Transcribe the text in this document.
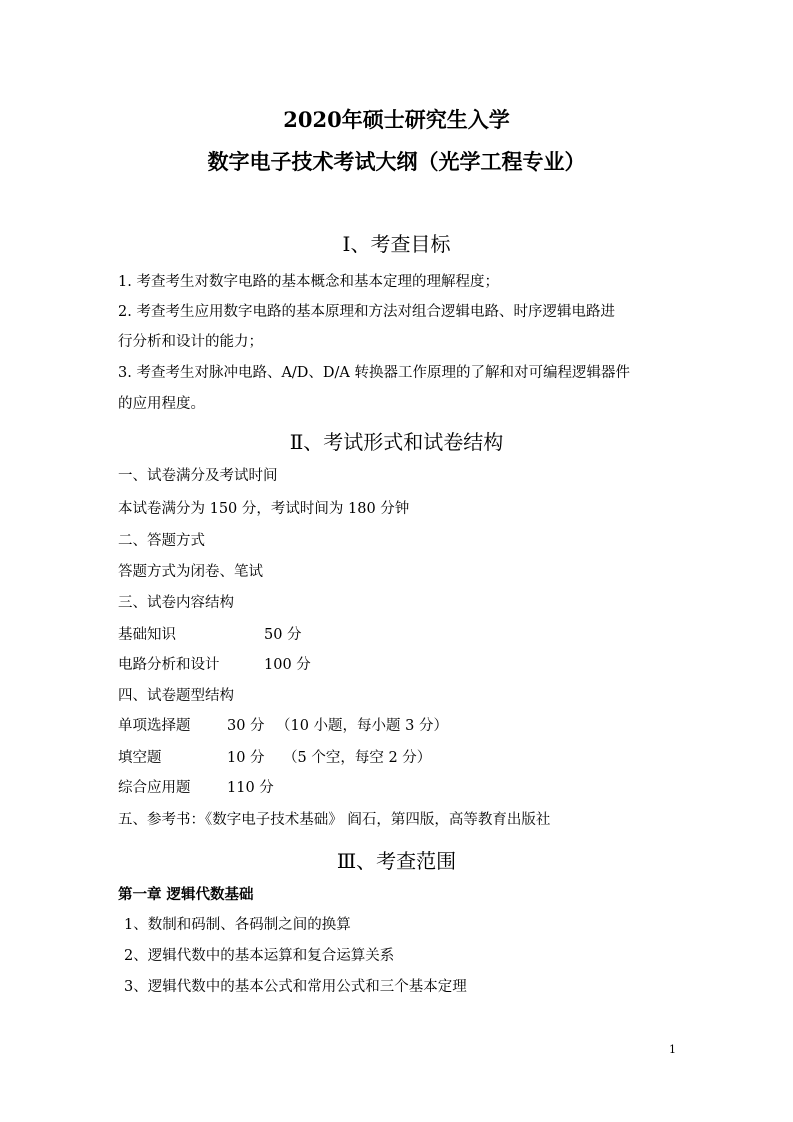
2020年硕士研究生入学
数字电子技术考试大纲（光学工程专业）
Ⅰ、考查目标
1. 考查考生对数字电路的基本概念和基本定理的理解程度；
2. 考查考生应用数字电路的基本原理和方法对组合逻辑电路、时序逻辑电路进
行分析和设计的能力；
3. 考查考生对脉冲电路、A/D、D/A 转换器工作原理的了解和对可编程逻辑器件
的应用程度。
Ⅱ、考试形式和试卷结构
一、试卷满分及考试时间
本试卷满分为 150 分，考试时间为 180 分钟
二、答题方式
答题方式为闭卷、笔试
三、试卷内容结构
基础知识	50 分
电路分析和设计	100 分
四、试卷题型结构
单项选择题	30 分 （10 小题，每小题 3 分）
填空题	10 分 （5 个空，每空 2 分）
综合应用题	110 分
五、参考书：《数字电子技术基础》 阎石，第四版，高等教育出版社
Ⅲ、考查范围
第一章 逻辑代数基础
1、数制和码制、各码制之间的换算
2、逻辑代数中的基本运算和复合运算关系
3、逻辑代数中的基本公式和常用公式和三个基本定理
1
